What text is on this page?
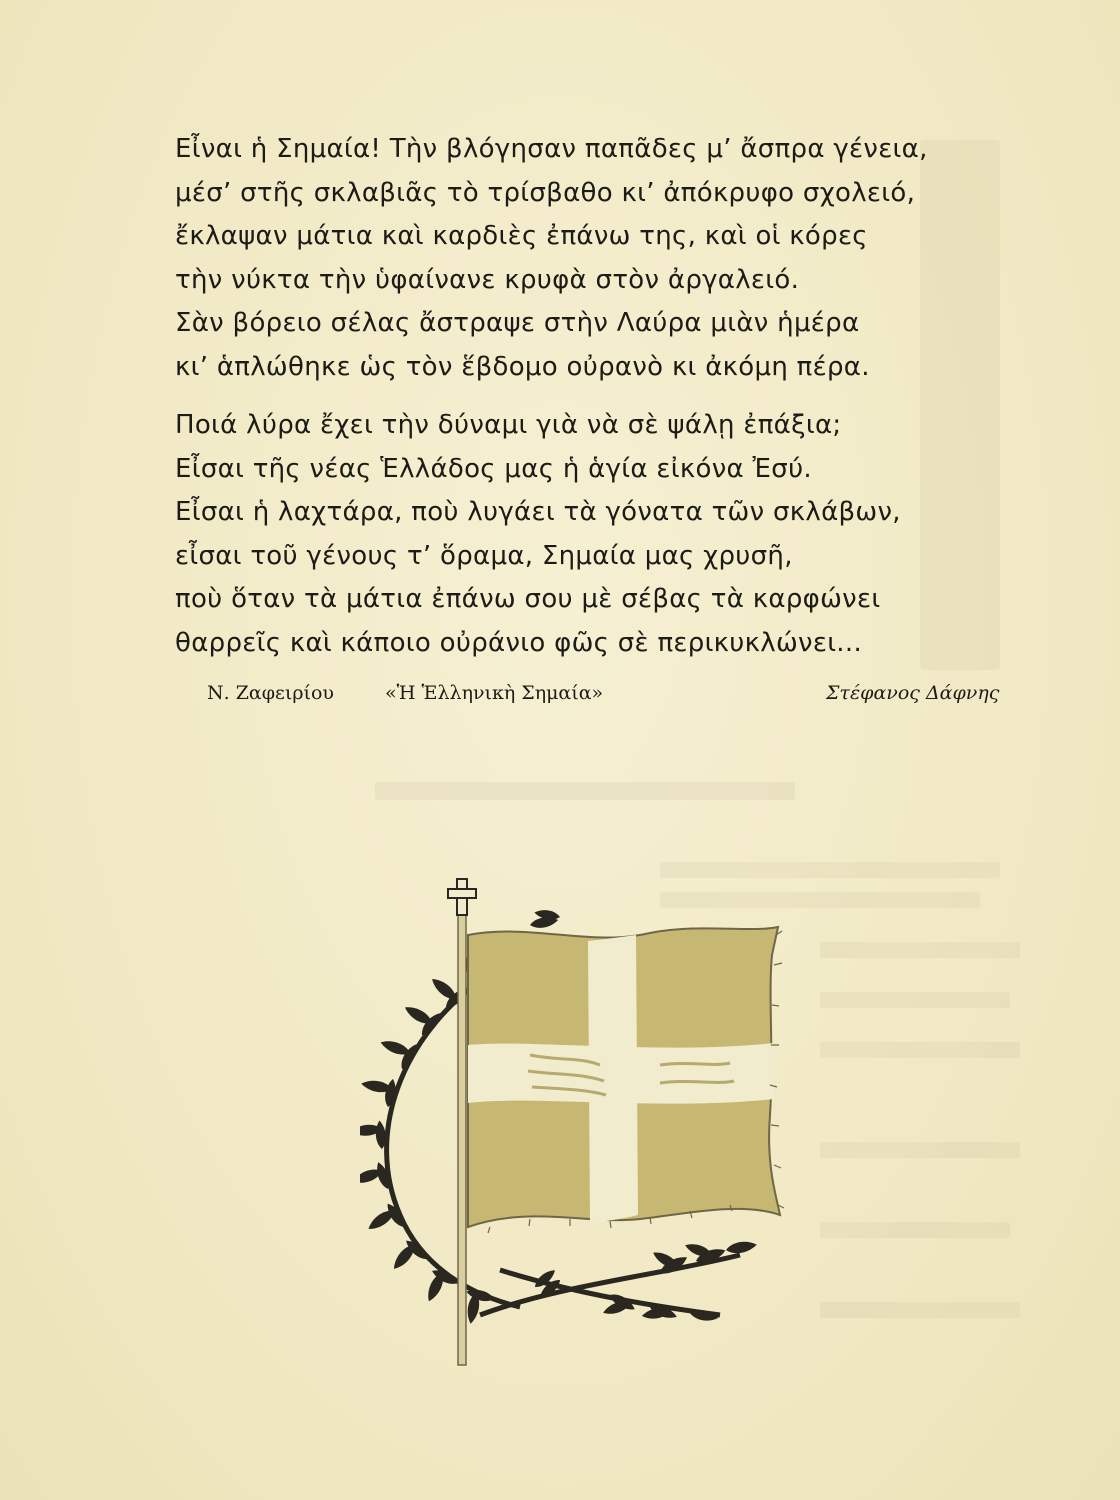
Εἶναι ἡ Σημαία! Τὴν βλόγησαν παπᾶδες μ’ ἄσπρα γένεια,
μέσ’ στῆς σκλαβιᾶς τὸ τρίσβαθο κι’ ἀπόκρυφο σχολειό,
ἔκλαψαν μάτια καὶ καρδιὲς ἐπάνω της, καὶ οἱ κόρες
τὴν νύκτα τὴν ὑφαίνανε κρυφὰ στὸν ἀργαλειό.
Σὰν βόρειο σέλας ἄστραψε στὴν Λαύρα μιὰν ἡμέρα
κι’ ἁπλώθηκε ὡς τὸν ἕβδομο οὐρανὸ κι ἀκόμη πέρα.
Ποιά λύρα ἔχει τὴν δύναμι γιὰ νὰ σὲ ψάλῃ ἐπάξια;
Εἶσαι τῆς νέας Ἑλλάδος μας ἡ ἁγία εἰκόνα Ἐσύ.
Εἶσαι ἡ λαχτάρα, ποὺ λυγάει τὰ γόνατα τῶν σκλάβων,
εἶσαι τοῦ γένους τ’ ὅραμα, Σημαία μας χρυσῆ,
ποὺ ὅταν τὰ μάτια ἐπάνω σου μὲ σέβας τὰ καρφώνει
θαρρεῖς καὶ κάποιο οὐράνιο φῶς σὲ περικυκλώνει...
Ν. Ζαφειρίου	«Ἡ Ἑλληνικὴ Σημαία»	Στέφανος Δάφνης
